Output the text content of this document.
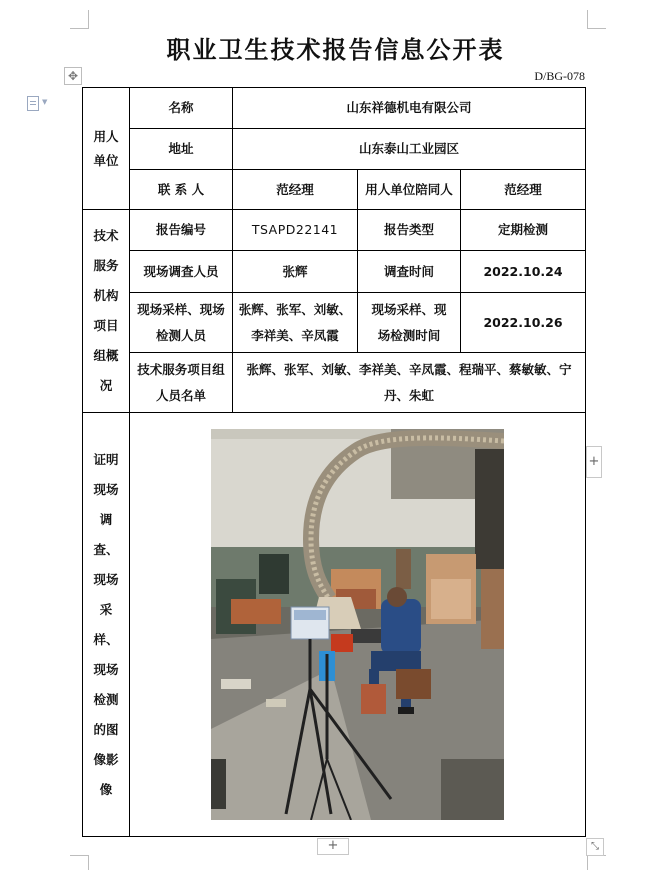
▼
职业卫生技术报告信息公开表
D/BG-078
✥
用人单位	名称	山东祥德机电有限公司		
	地址	山东泰山工业园区		
	联 系 人	范经理	用人单位陪同人	范经理

技术服务机构项目组概况	报告编号	TSAPD22141	报告类型	定期检测
	现场调查人员	张辉	调查时间	2022.10.24

	现场采样、现场检测人员	张辉、张军、刘敏、李祥美、辛凤霞	现场采样、现场检测时间	2022.10.26

	技术服务项目组人员名单	张辉、张军、刘敏、李祥美、辛凤霞、程瑞平、蔡敏敏、宁丹、朱虹		

证明现场调查、现场采样、现场检测的图像影像

+
+	⤡
